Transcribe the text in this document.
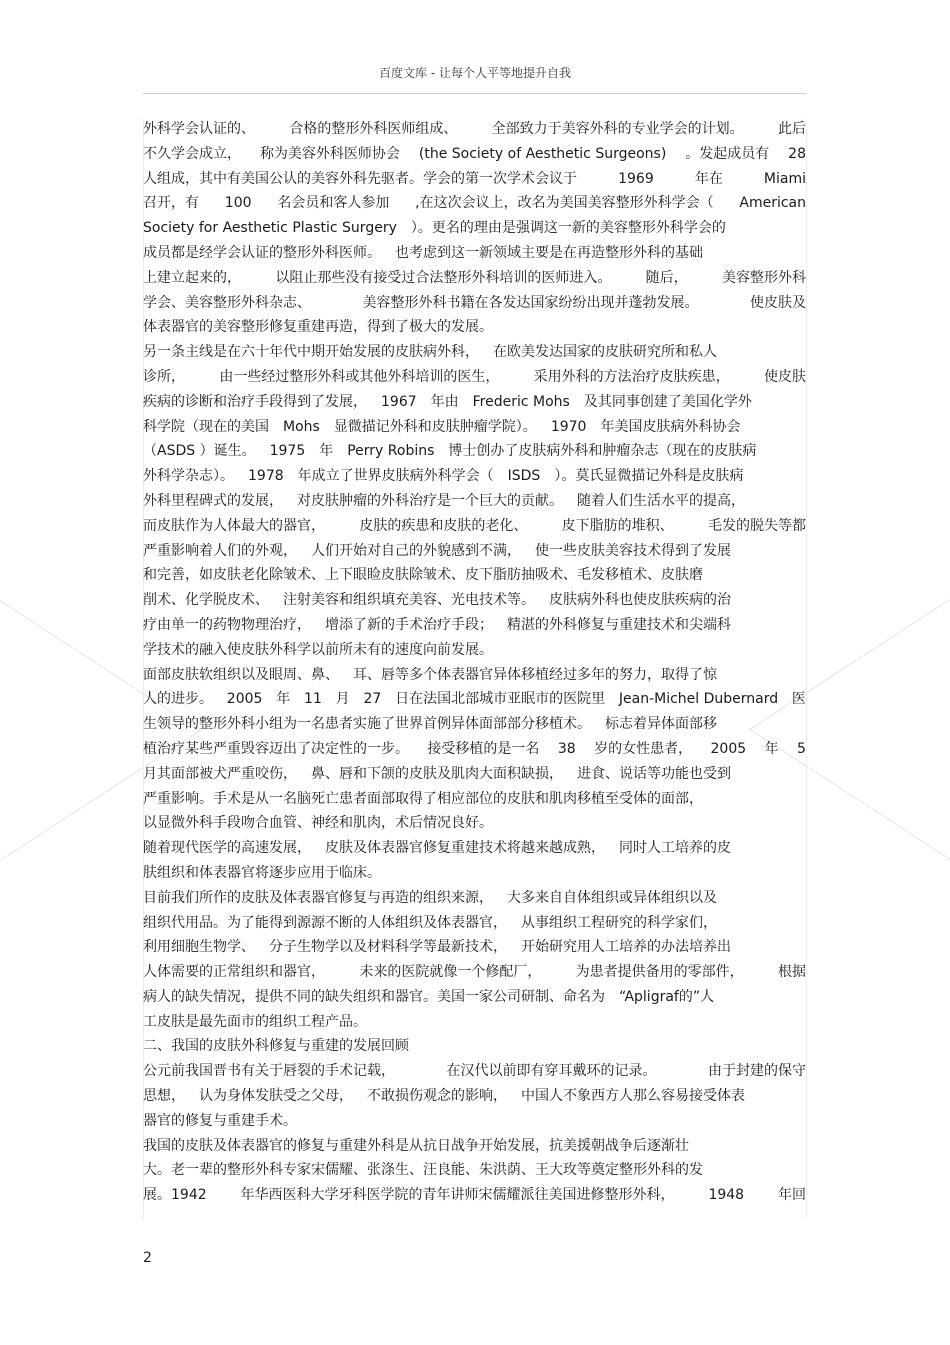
百度文库 - 让每个人平等地提升自我
外科学会认证的、 合格的整形外科医师组成、 全部致力于美容外科的专业学会的计划。 此后
不久学会成立， 称为美容外科医师协会 (the Society of Aesthetic Surgeons) 。发起成员有 28
人组成，其中有美国公认的美容外科先驱者。学会的第一次学术会议于	1969	年在	Miami
召开，有 100 名会员和客人参加 ,在这次会议上，改名为美国美容整形外科学会（ American
Society for Aesthetic Plastic Surgery ）。更名的理由是强调这一新的美容整形外科学会的
成员都是经学会认证的整形外科医师。 也考虑到这一新领域主要是在再造整形外科的基础
上建立起来的， 以阻止那些没有接受过合法整形外科培训的医师进入。 随后， 美容整形外科
学会、美容整形外科杂志、	美容整形外科书籍在各发达国家纷纷出现并蓬勃发展。	使皮肤及
体表器官的美容整形修复重建再造，得到了极大的发展。
另一条主线是在六十年代中期开始发展的皮肤病外科， 在欧美发达国家的皮肤研究所和私人
诊所， 由一些经过整形外科或其他外科培训的医生， 采用外科的方法治疗皮肤疾患， 使皮肤
疾病的诊断和治疗手段得到了发展， 1967 年由 Frederic Mohs 及其同事创建了美国化学外
科学院（现在的美国 Mohs 显微描记外科和皮肤肿瘤学院）。 1970 年美国皮肤病外科协会
（ASDS ）诞生。 1975 年 Perry Robins 博士创办了皮肤病外科和肿瘤杂志（现在的皮肤病
外科学杂志）。 1978 年成立了世界皮肤病外科学会（ ISDS ）。莫氏显微描记外科是皮肤病
外科里程碑式的发展， 对皮肤肿瘤的外科治疗是一个巨大的贡献。 随着人们生活水平的提高，
而皮肤作为人体最大的器官， 皮肤的疾患和皮肤的老化、 皮下脂肪的堆积、 毛发的脱失等都
严重影响着人们的外观， 人们开始对自己的外貌感到不满， 使一些皮肤美容技术得到了发展
和完善，如皮肤老化除皱术、上下眼睑皮肤除皱术、皮下脂肪抽吸术、毛发移植术、皮肤磨
削术、化学脱皮术、 注射美容和组织填充美容、光电技术等。 皮肤病外科也使皮肤疾病的治
疗由单一的药物物理治疗， 增添了新的手术治疗手段； 精湛的外科修复与重建技术和尖端科
学技术的融入使皮肤外科学以前所未有的速度向前发展。
面部皮肤软组织以及眼周、鼻、 耳、唇等多个体表器官异体移植经过多年的努力，取得了惊
人的进步。 2005 年 11 月 27 日在法国北部城市亚眠市的医院里 Jean-Michel Dubernard 医
生领导的整形外科小组为一名患者实施了世界首例异体面部部分移植术。 标志着异体面部移
植治疗某些严重毁容迈出了决定性的一步。 接受移植的是一名 38 岁的女性患者， 2005 年 5
月其面部被犬严重咬伤， 鼻、唇和下颌的皮肤及肌肉大面积缺损， 进食、说话等功能也受到
严重影响。手术是从一名脑死亡患者面部取得了相应部位的皮肤和肌肉移植至受体的面部，
以显微外科手段吻合血管、神经和肌肉，术后情况良好。
随着现代医学的高速发展， 皮肤及体表器官修复重建技术将越来越成熟， 同时人工培养的皮
肤组织和体表器官将逐步应用于临床。
目前我们所作的皮肤及体表器官修复与再造的组织来源， 大多来自自体组织或异体组织以及
组织代用品。为了能得到源源不断的人体组织及体表器官， 从事组织工程研究的科学家们，
利用细胞生物学、 分子生物学以及材料科学等最新技术， 开始研究用人工培养的办法培养出
人体需要的正常组织和器官， 未来的医院就像一个修配厂， 为患者提供备用的零部件， 根据
病人的缺失情况，提供不同的缺失组织和器官。美国一家公司研制、命名为 “Apligraf的”人
工皮肤是最先面市的组织工程产品。
二、我国的皮肤外科修复与重建的发展回顾
公元前我国晋书有关于唇裂的手术记载，	在汉代以前即有穿耳戴环的记录。	由于封建的保守
思想， 认为身体发肤受之父母， 不敢损伤观念的影响， 中国人不象西方人那么容易接受体表
器官的修复与重建手术。
我国的皮肤及体表器官的修复与重建外科是从抗日战争开始发展，抗美援朝战争后逐渐壮
大。老一辈的整形外科专家宋儒耀、张涤生、汪良能、朱洪荫、王大玫等奠定整形外科的发
展。1942 年华西医科大学牙科医学院的青年讲师宋儒耀派往美国进修整形外科， 1948 年回
2
